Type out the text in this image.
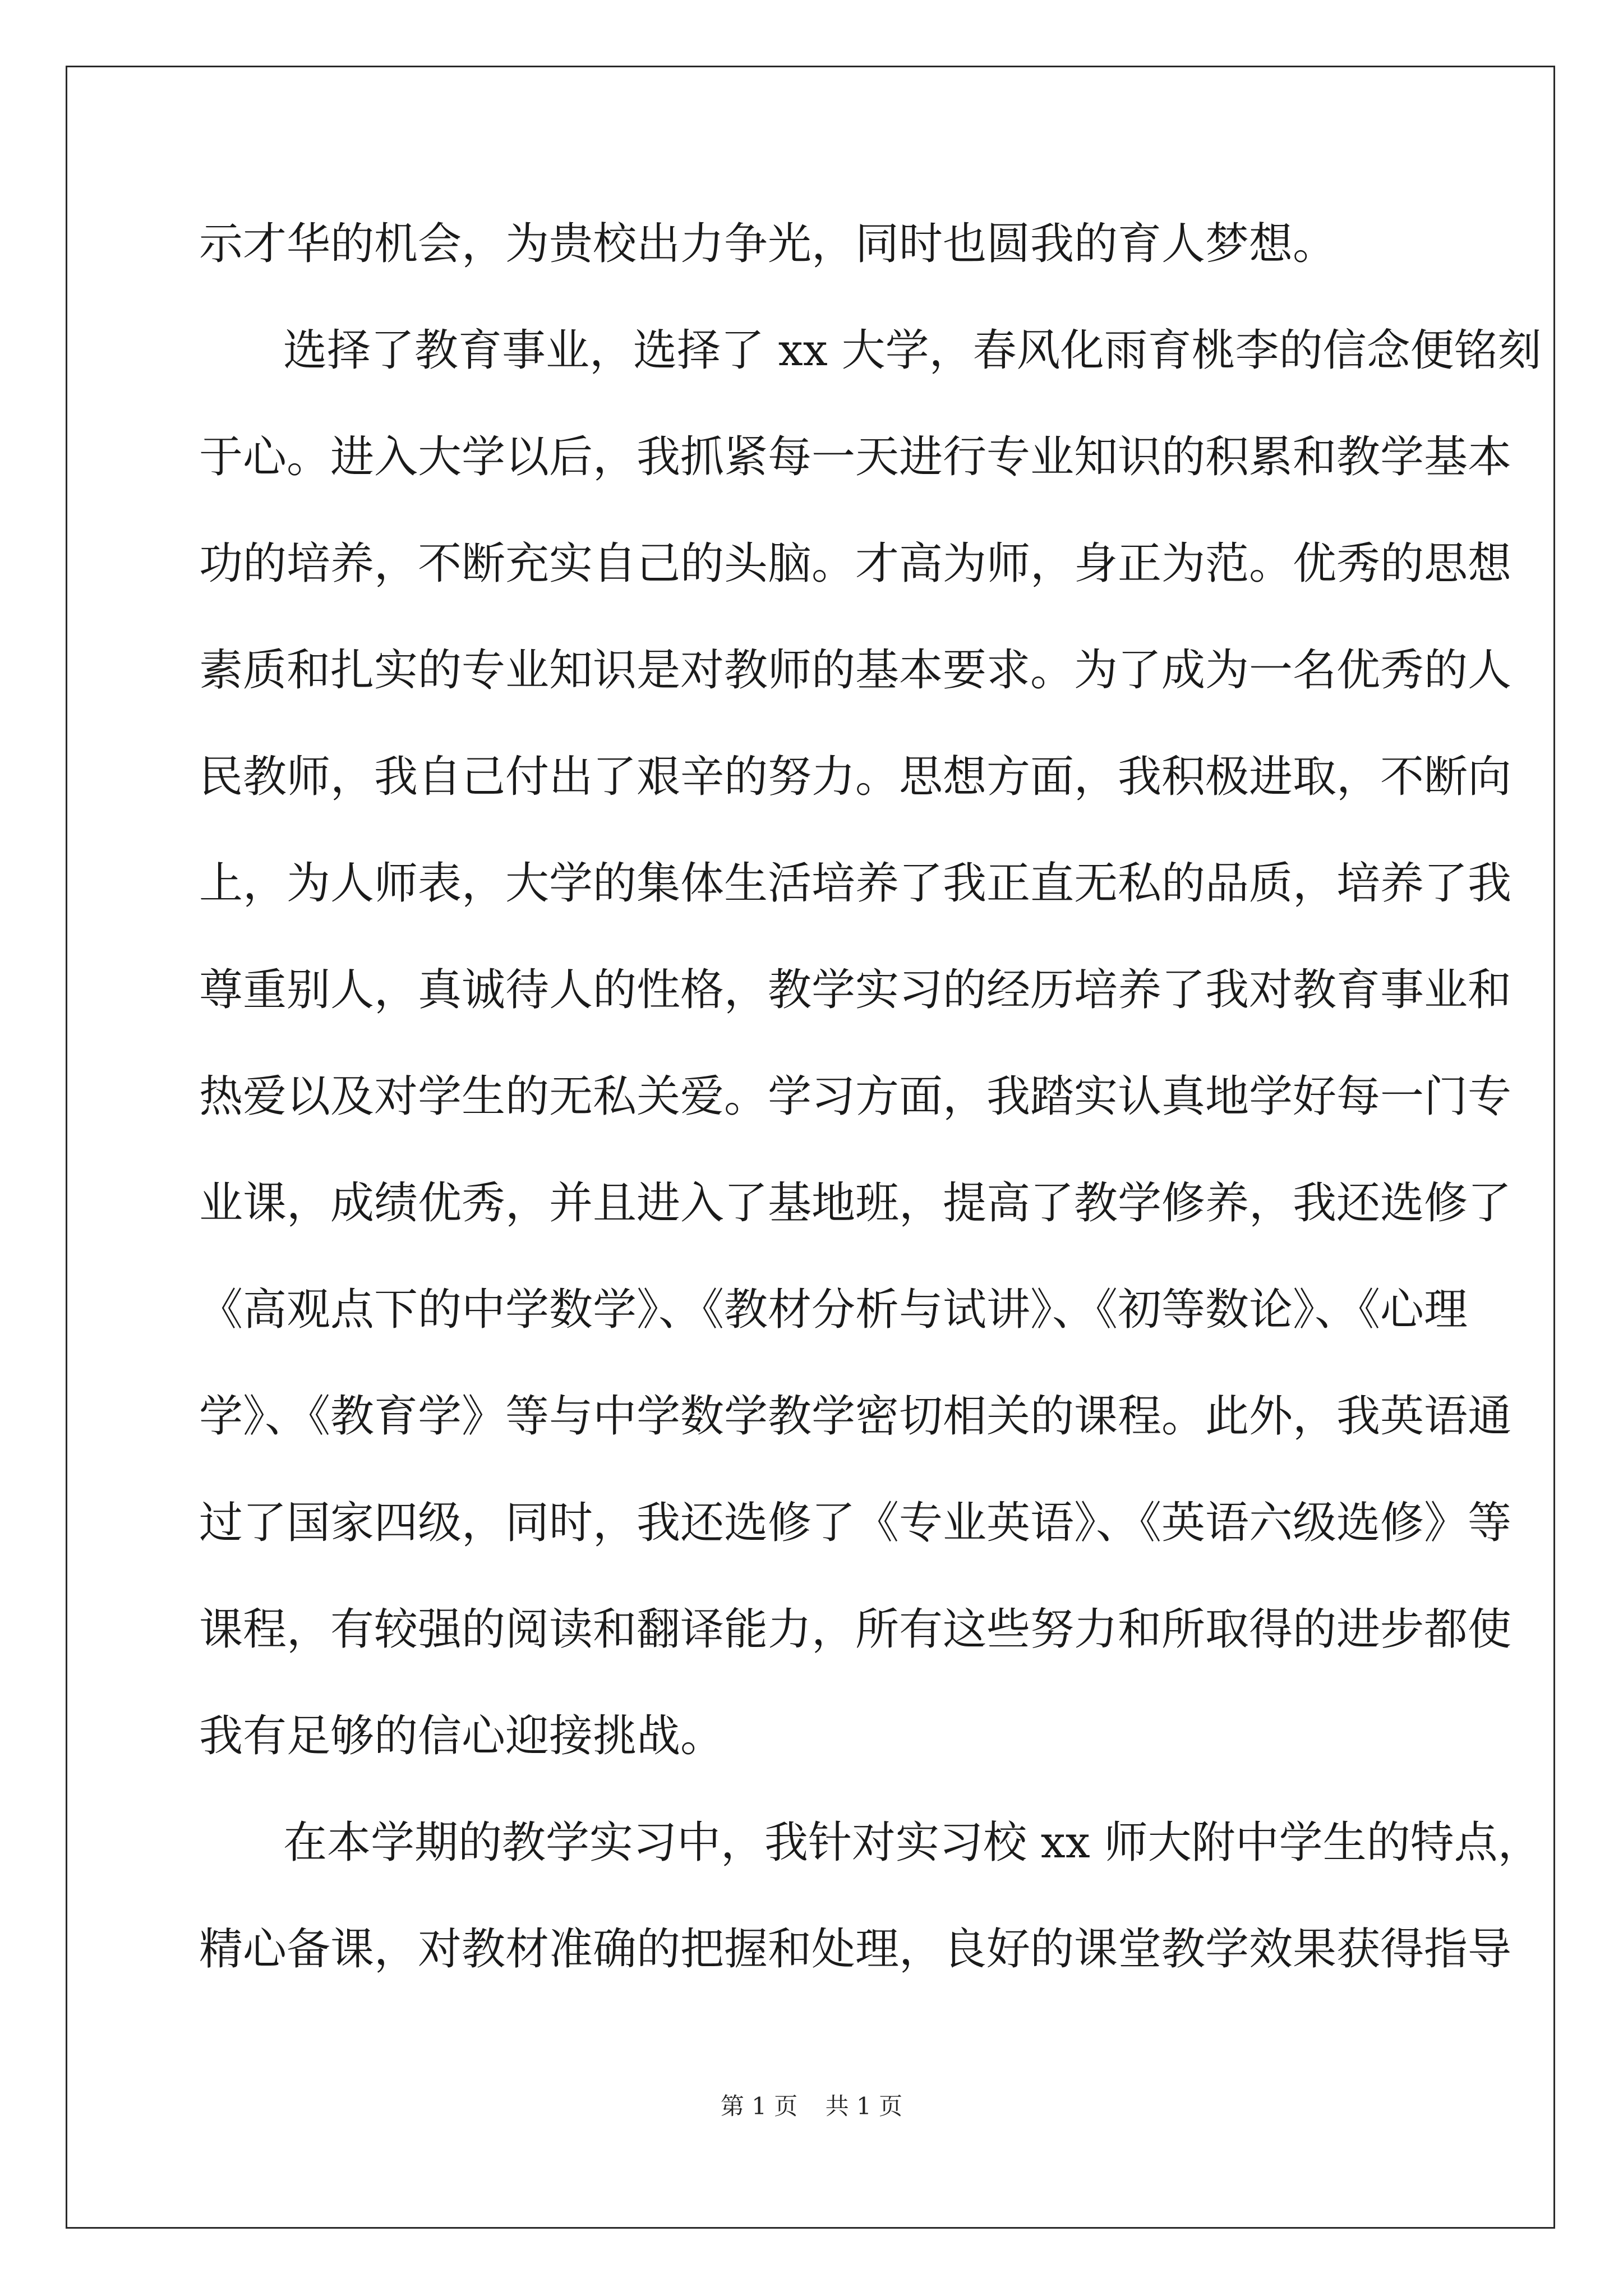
示才华的机会，为贵校出力争光，同时也圆我的育人梦想。
选择了教育事业，选择了 xx 大学，春风化雨育桃李的信念便铭刻
于心。进入大学以后，我抓紧每一天进行专业知识的积累和教学基本
功的培养，不断充实自己的头脑。才高为师，身正为范。优秀的思想
素质和扎实的专业知识是对教师的基本要求。为了成为一名优秀的人
民教师，我自己付出了艰辛的努力。思想方面，我积极进取，不断向
上，为人师表，大学的集体生活培养了我正直无私的品质，培养了我
尊重别人，真诚待人的性格，教学实习的经历培养了我对教育事业和
热爱以及对学生的无私关爱。学习方面，我踏实认真地学好每一门专
业课，成绩优秀，并且进入了基地班，提高了教学修养，我还选修了
《高观点下的中学数学》、《教材分析与试讲》、《初等数论》、《心理
学》、《教育学》等与中学数学教学密切相关的课程。此外，我英语通
过了国家四级，同时，我还选修了《专业英语》、《英语六级选修》等
课程，有较强的阅读和翻译能力，所有这些努力和所取得的进步都使
我有足够的信心迎接挑战。
在本学期的教学实习中，我针对实习校 xx 师大附中学生的特点，
精心备课，对教材准确的把握和处理，良好的课堂教学效果获得指导
第 1 页 共 1 页
